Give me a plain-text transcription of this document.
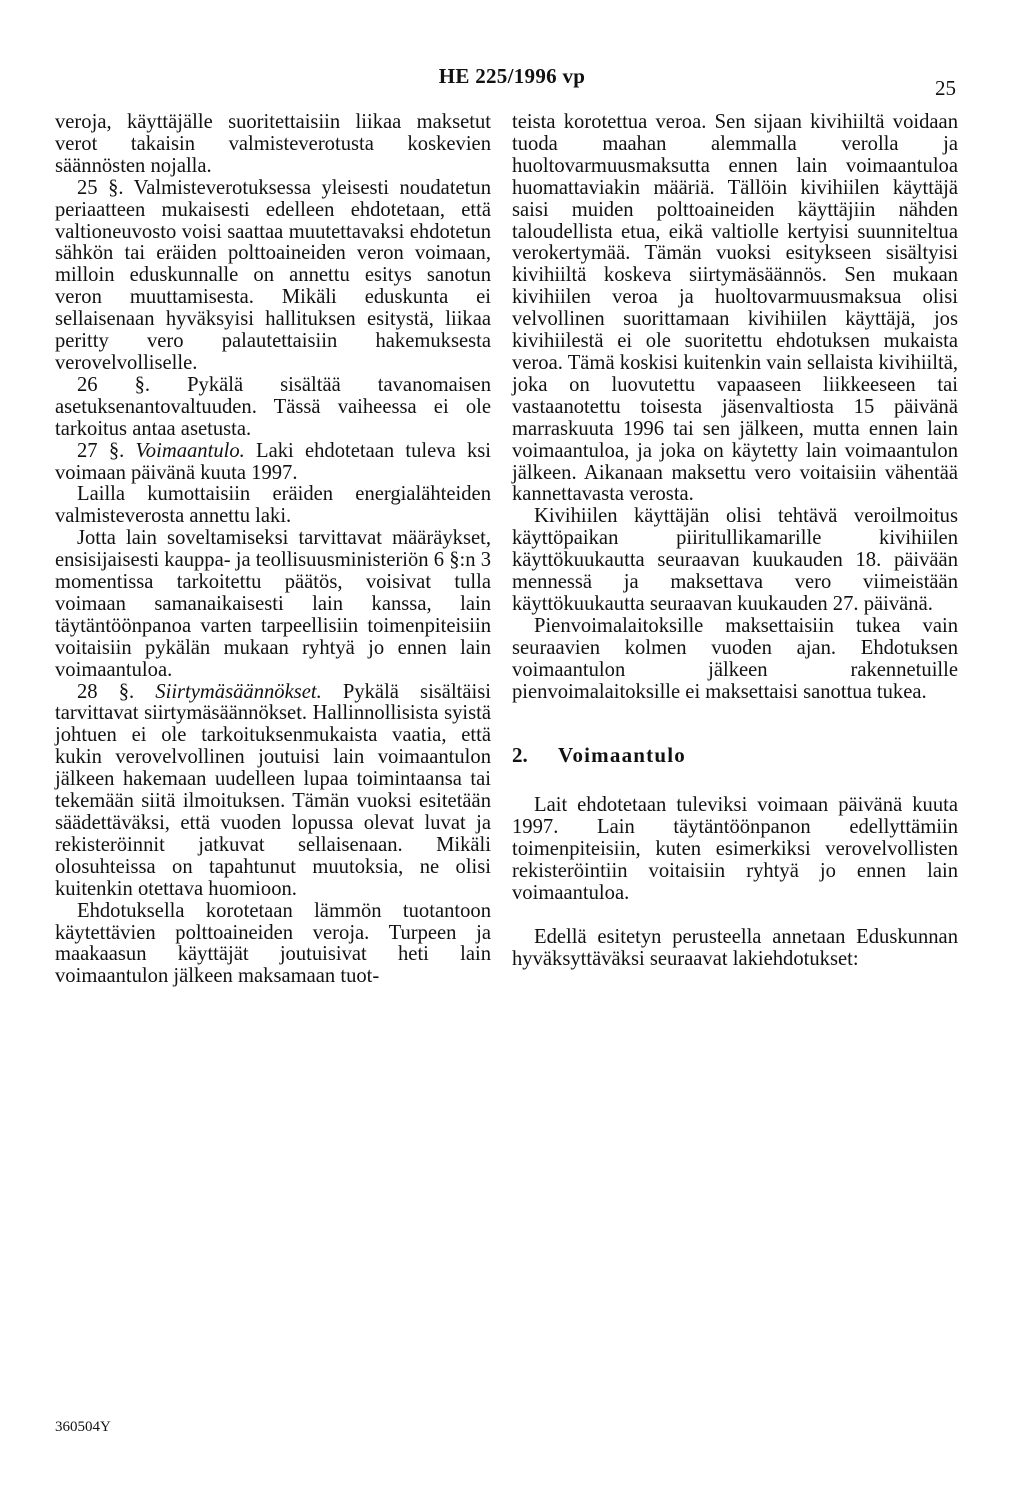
HE 225/1996 vp	25

veroja, käyttäjälle suoritettaisiin liikaa maksetut verot takaisin valmisteverotusta koskevien säännösten nojalla.

25 §. Valmisteverotuksessa yleisesti noudatetun periaatteen mukaisesti edelleen ehdotetaan, että valtioneuvosto voisi saattaa muutettavaksi ehdotetun sähkön tai eräiden polttoaineiden veron voimaan, milloin eduskunnalle on annettu esitys sanotun veron muuttamisesta. Mikäli eduskunta ei sellaisenaan hyväksyisi hallituksen esitystä, liikaa peritty vero palautettaisiin hakemuksesta verovelvolliselle.

26 §. Pykälä sisältää tavanomaisen asetuksenantovaltuuden. Tässä vaiheessa ei ole tarkoitus antaa asetusta.

27 §. Voimaantulo. Laki ehdotetaan tuleva ksi voimaan päivänä kuuta 1997.

Lailla kumottaisiin eräiden energialähteiden valmisteverosta annettu laki.

Jotta lain soveltamiseksi tarvittavat määräykset, ensisijaisesti kauppa- ja teollisuusministeriön 6 §:n 3 momentissa tarkoitettu päätös, voisivat tulla voimaan samanaikaisesti lain kanssa, lain täytäntöönpanoa varten tarpeellisiin toimenpiteisiin voitaisiin pykälän mukaan ryhtyä jo ennen lain voimaantuloa.

28 §. Siirtymäsäännökset. Pykälä sisältäisi tarvittavat siirtymäsäännökset. Hallinnollisista syistä johtuen ei ole tarkoituksenmukaista vaatia, että kukin verovelvollinen joutuisi lain voimaantulon jälkeen hakemaan uudelleen lupaa toimintaansa tai tekemään siitä ilmoituksen. Tämän vuoksi esitetään säädettäväksi, että vuoden lopussa olevat luvat ja rekisteröinnit jatkuvat sellaisenaan. Mikäli olosuhteissa on tapahtunut muutoksia, ne olisi kuitenkin otettava huomioon.

Ehdotuksella korotetaan lämmön tuotantoon käytettävien polttoaineiden veroja. Turpeen ja maakaasun käyttäjät joutuisivat heti lain voimaantulon jälkeen maksamaan tuot-

teista korotettua veroa. Sen sijaan kivihiiltä voidaan tuoda maahan alemmalla verolla ja huoltovarmuusmaksutta ennen lain voimaantuloa huomattaviakin määriä. Tällöin kivihiilen käyttäjä saisi muiden polttoaineiden käyttäjiin nähden taloudellista etua, eikä valtiolle kertyisi suunniteltua verokertymää. Tämän vuoksi esitykseen sisältyisi kivihiiltä koskeva siirtymäsäännös. Sen mukaan kivihiilen veroa ja huoltovarmuusmaksua olisi velvollinen suorittamaan kivihiilen käyttäjä, jos kivihiilestä ei ole suoritettu ehdotuksen mukaista veroa. Tämä koskisi kuitenkin vain sellaista kivihiiltä, joka on luovutettu vapaaseen liikkeeseen tai vastaanotettu toisesta jäsenvaltiosta 15 päivänä marraskuuta 1996 tai sen jälkeen, mutta ennen lain voimaantuloa, ja joka on käytetty lain voimaantulon jälkeen. Aikanaan maksettu vero voitaisiin vähentää kannettavasta verosta.

Kivihiilen käyttäjän olisi tehtävä veroilmoitus käyttöpaikan piiritullikamarille kivihiilen käyttökuukautta seuraavan kuukauden 18. päivään mennessä ja maksettava vero viimeistään käyttökuukautta seuraavan kuukauden 27. päivänä.

Pienvoimalaitoksille maksettaisiin tukea vain seuraavien kolmen vuoden ajan. Ehdotuksen voimaantulon jälkeen rakennetuille pienvoimalaitoksille ei maksettaisi sanottua tukea.

2. Voimaantulo

Lait ehdotetaan tuleviksi voimaan päivänä kuuta 1997. Lain täytäntöönpanon edellyttämiin toimenpiteisiin, kuten esimerkiksi verovelvollisten rekisteröintiin voitaisiin ryhtyä jo ennen lain voimaantuloa.

Edellä esitetyn perusteella annetaan Eduskunnan hyväksyttäväksi seuraavat lakiehdotukset:

360504Y
